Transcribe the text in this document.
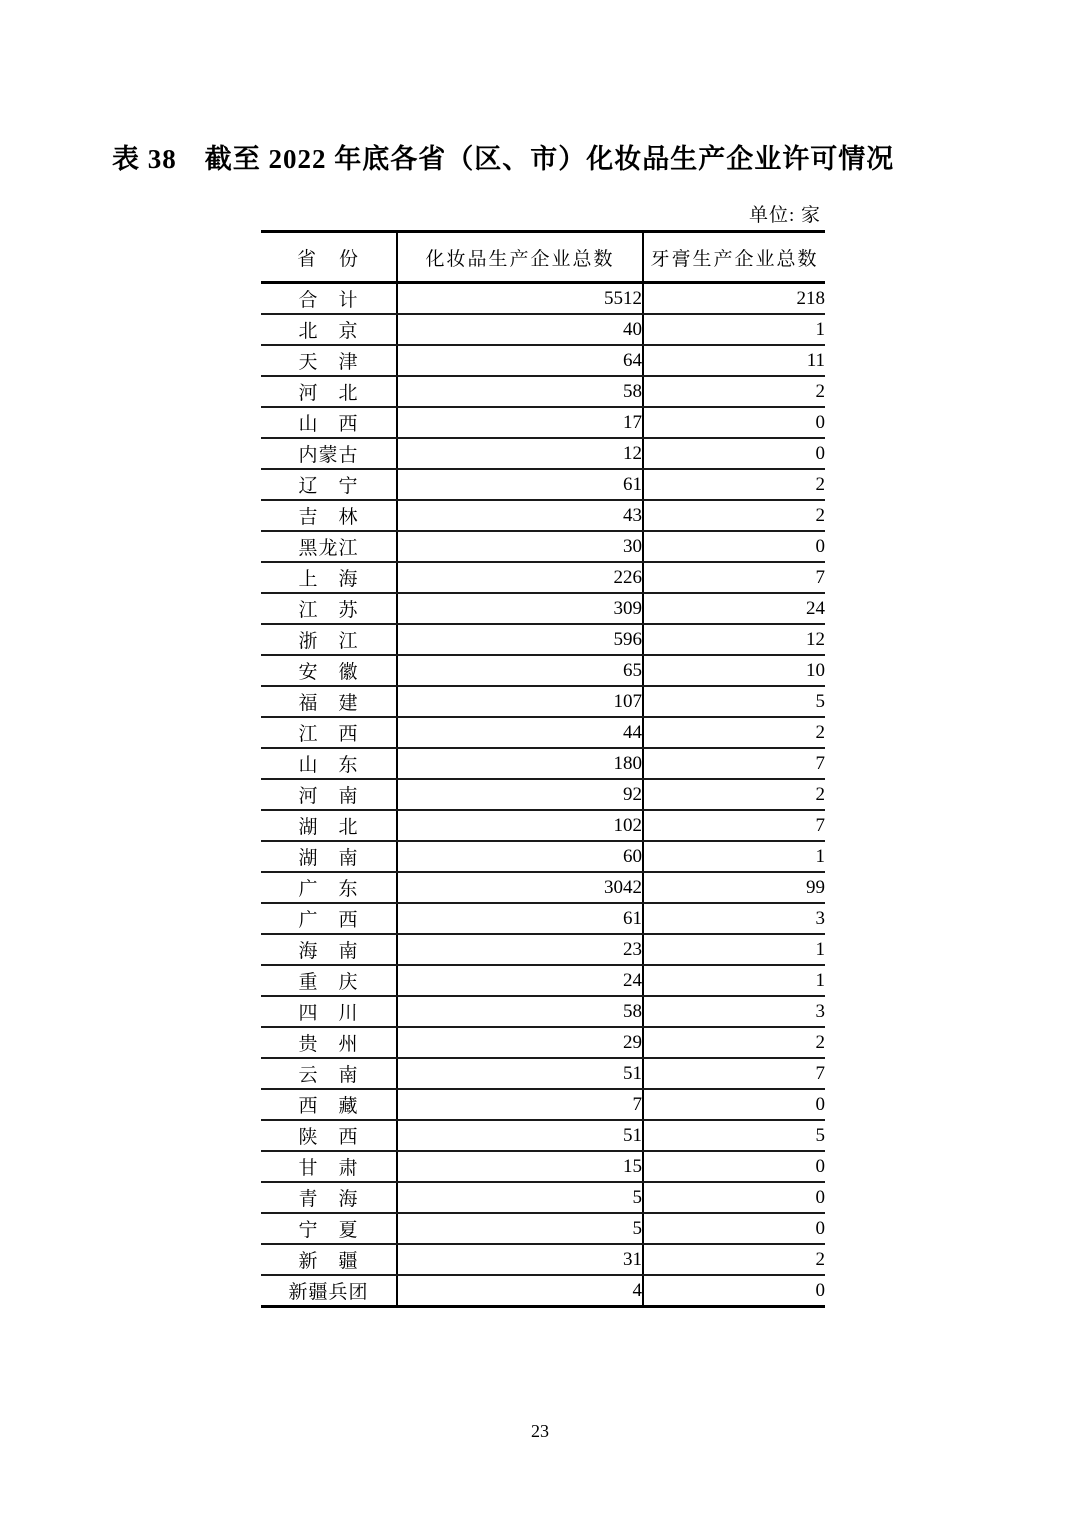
表 38　截至 2022 年底各省（区、市）化妆品生产企业许可情况
单位: 家
省　份	化妆品生产企业总数	牙膏生产企业总数
合　计	5512	218
北　京	40	1
天　津	64	11
河　北	58	2
山　西	17	0
内蒙古	12	0
辽　宁	61	2
吉　林	43	2
黑龙江	30	0
上　海	226	7
江　苏	309	24
浙　江	596	12
安　徽	65	10
福　建	107	5
江　西	44	2
山　东	180	7
河　南	92	2
湖　北	102	7
湖　南	60	1
广　东	3042	99
广　西	61	3
海　南	23	1
重　庆	24	1
四　川	58	3
贵　州	29	2
云　南	51	7
西　藏	7	0
陕　西	51	5
甘　肃	15	0
青　海	5	0
宁　夏	5	0
新　疆	31	2
新疆兵团	4	0
23
